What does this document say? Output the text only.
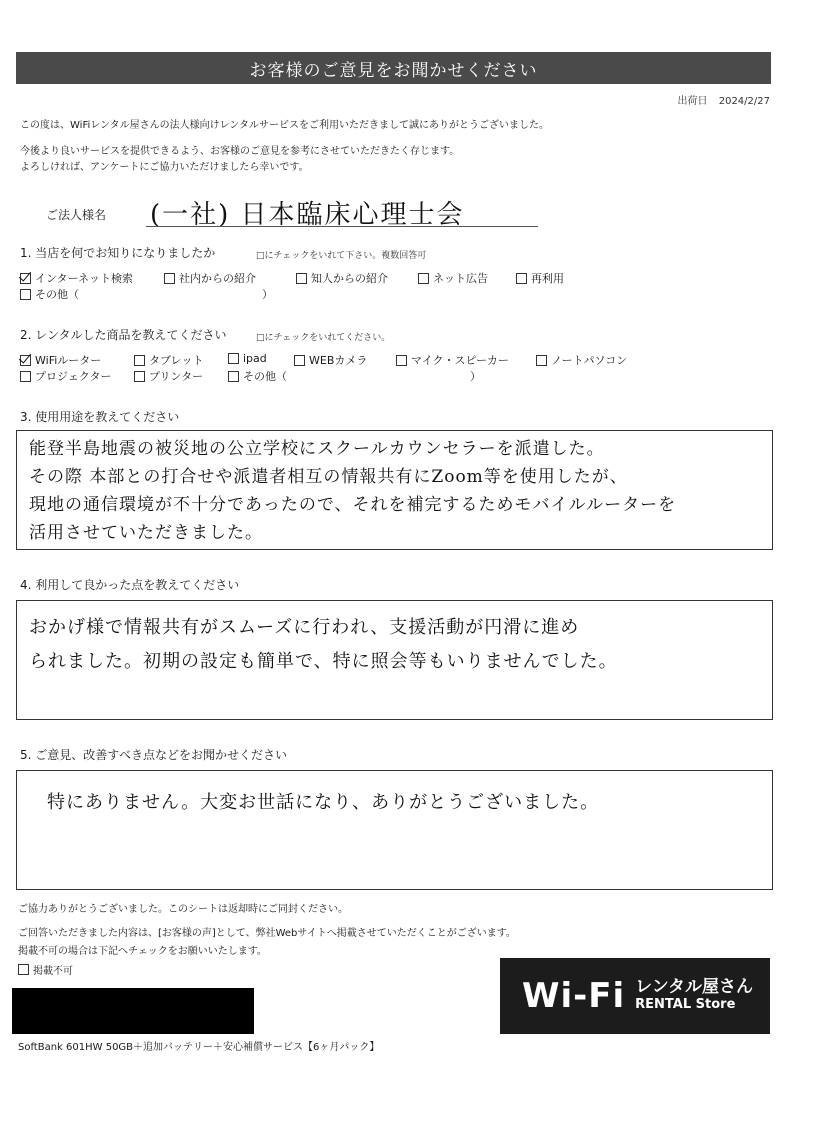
お客様のご意見をお聞かせください
出荷日 2024/2/27
この度は、WiFiレンタル屋さんの法人様向けレンタルサービスをご利用いただきまして誠にありがとうございました。
今後より良いサービスを提供できるよう、お客様のご意見を参考にさせていただきたく存じます。
よろしければ、アンケートにご協力いただけましたら幸いです。
ご法人様名 (一社) 日本臨床心理士会
1. 当店を何でお知りになりましたか	□にチェックをいれて下さい。複数回答可
インターネット検索	社内からの紹介	知人からの紹介	ネット広告	再利用
その他（	）
2. レンタルした商品を教えてください	□にチェックをいれてください。
WiFiルーター	タブレット	ipad	WEBカメラ	マイク・スピーカー	ノートパソコン
プロジェクター	プリンター	その他（	）
3. 使用用途を教えてください
能登半島地震の被災地の公立学校にスクールカウンセラーを派遣した。
その際 本部との打合せや派遣者相互の情報共有にZoom等を使用したが、
現地の通信環境が不十分であったので、それを補完するためモバイルルーターを
活用させていただきました。
4. 利用して良かった点を教えてください
おかげ様で情報共有がスムーズに行われ、支援活動が円滑に進め
られました。初期の設定も簡単で、特に照会等もいりませんでした。
5. ご意見、改善すべき点などをお聞かせください
特にありません。大変お世話になり、ありがとうございました。
ご協力ありがとうございました。このシートは返却時にご同封ください。
ご回答いただきました内容は、[お客様の声]として、弊社Webサイトへ掲載させていただくことがございます。
掲載不可の場合は下記へチェックをお願いいたします。
掲載不可
Wi-Fi レンタル屋さん
RENTAL Store
SoftBank 601HW 50GB＋追加バッテリー＋安心補償サービス【6ヶ月パック】
